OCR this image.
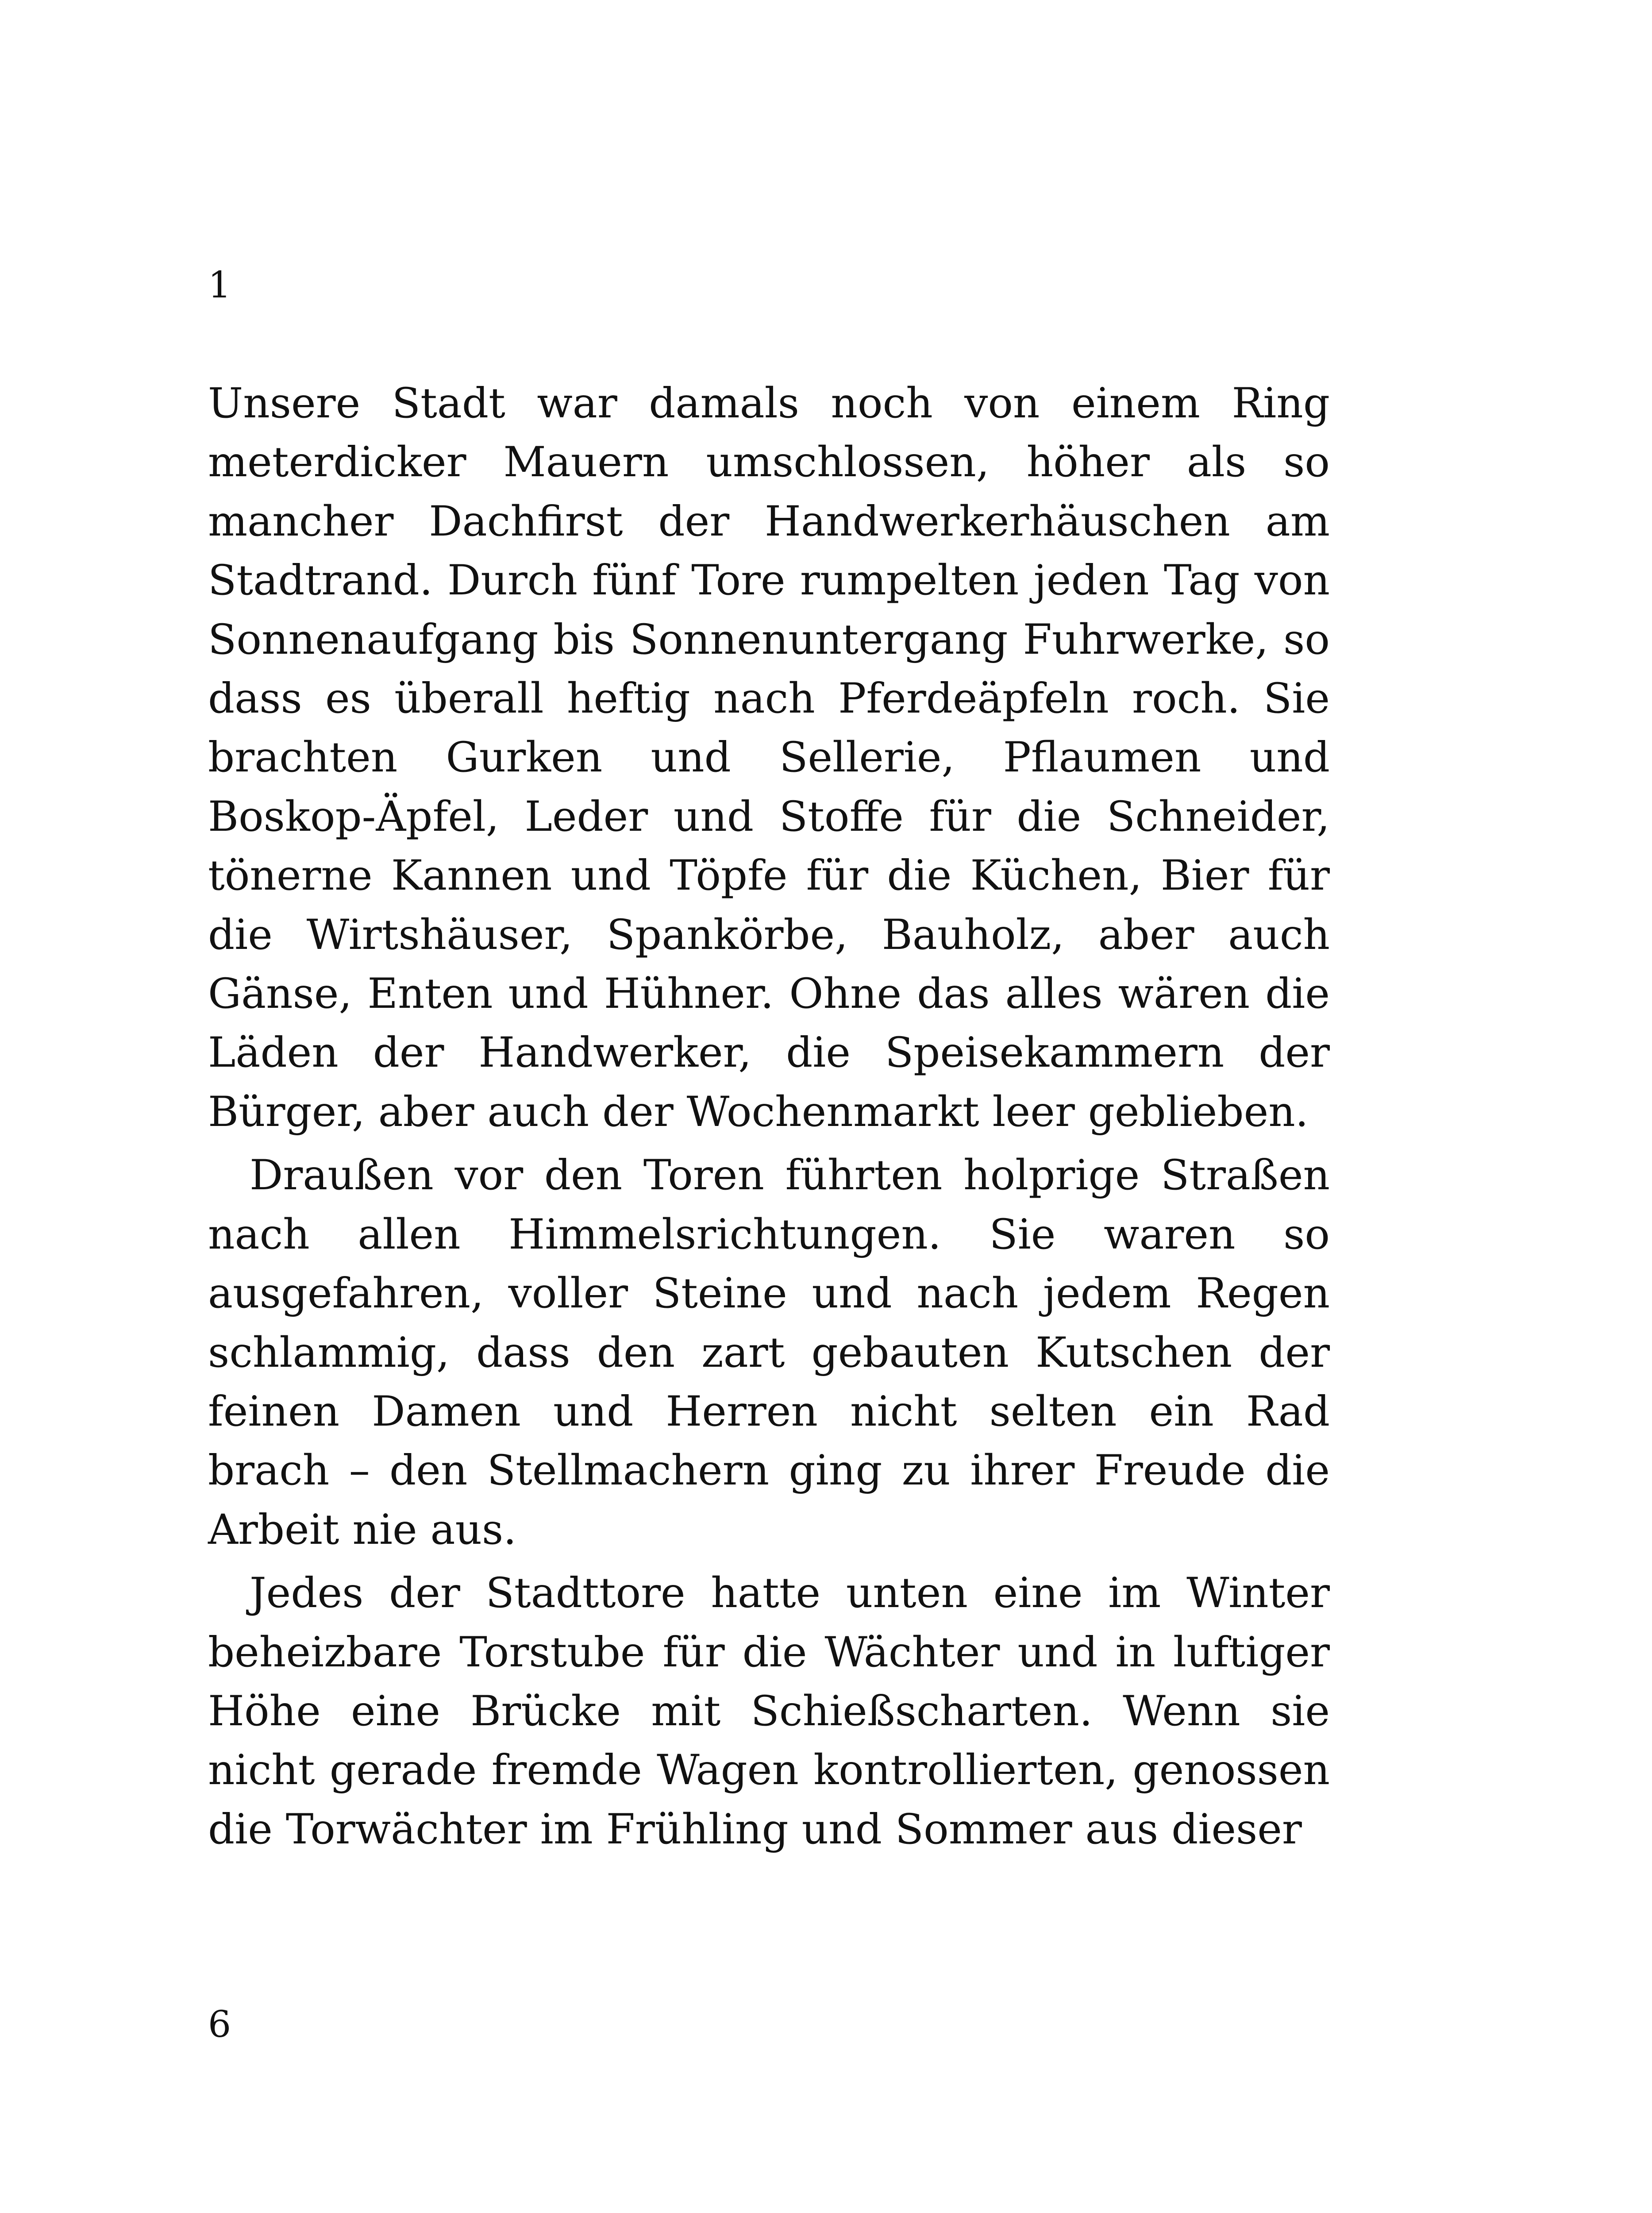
1

Unsere Stadt war damals noch von einem Ring meterdicker Mauern umschlossen, höher als so mancher Dachfirst der Handwerkerhäuschen am Stadtrand. Durch fünf Tore rumpelten jeden Tag von Sonnenaufgang bis Sonnenuntergang Fuhrwerke, so dass es überall heftig nach Pferdeäpfeln roch. Sie brachten Gurken und Sellerie, Pflaumen und Boskop-Äpfel, Leder und Stoffe für die Schneider, tönerne Kannen und Töpfe für die Küchen, Bier für die Wirtshäuser, Spankörbe, Bauholz, aber auch Gänse, Enten und Hühner. Ohne das alles wären die Läden der Handwerker, die Speisekammern der Bürger, aber auch der Wochenmarkt leer geblieben.

Draußen vor den Toren führten holprige Straßen nach allen Himmelsrichtungen. Sie waren so ausgefahren, voller Steine und nach jedem Regen schlammig, dass den zart gebauten Kutschen der feinen Damen und Herren nicht selten ein Rad brach – den Stellmachern ging zu ihrer Freude die Arbeit nie aus.

Jedes der Stadttore hatte unten eine im Winter beheizbare Torstube für die Wächter und in luftiger Höhe eine Brücke mit Schießscharten. Wenn sie nicht gerade fremde Wagen kontrollierten, genossen die Torwächter im Frühling und Sommer aus dieser

6
